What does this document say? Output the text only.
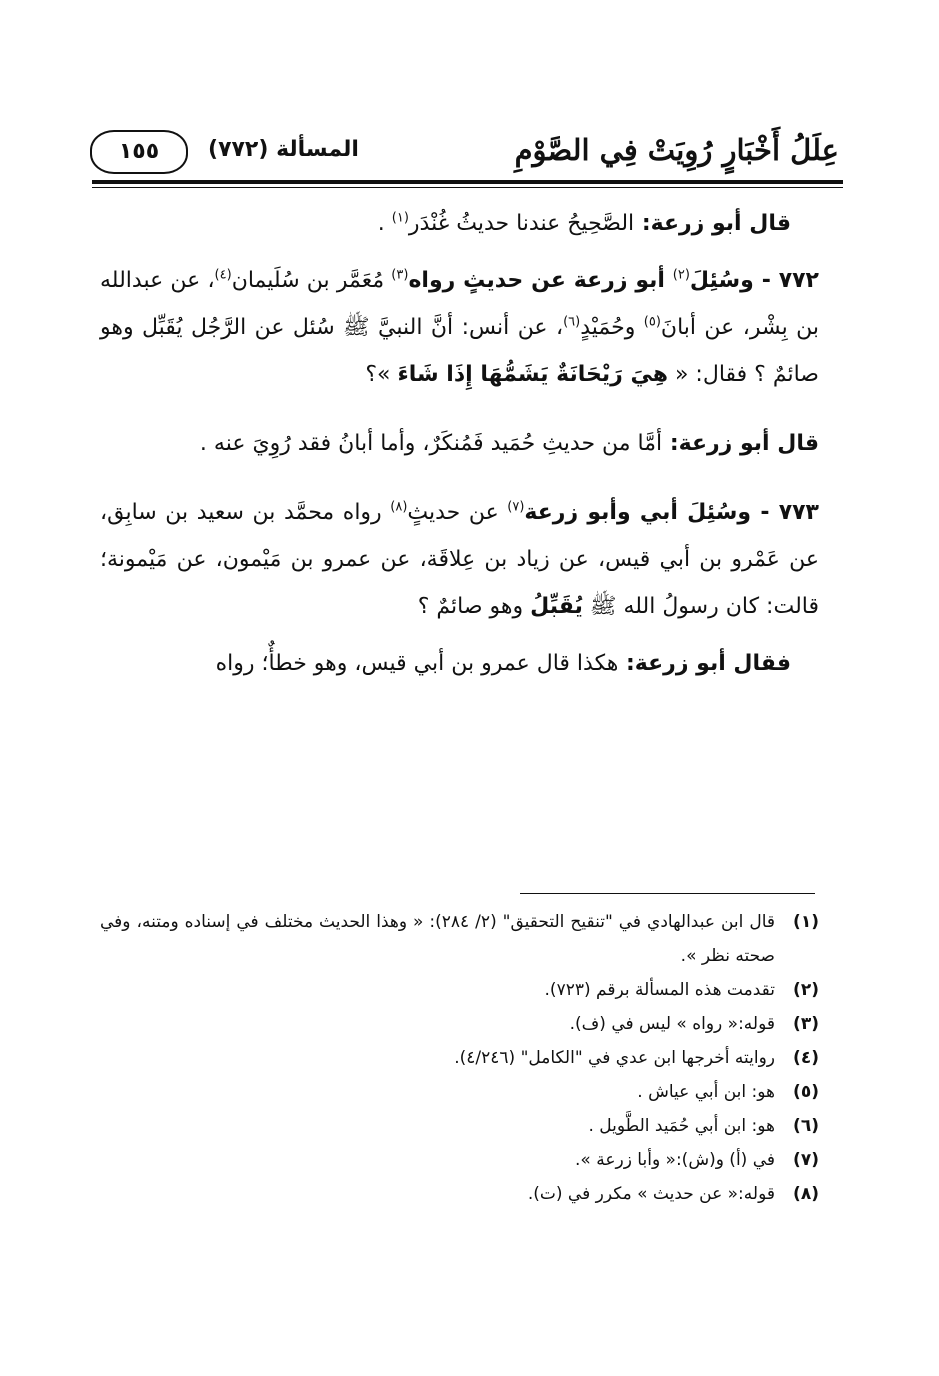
عِلَلُ أَخْبَارٍ رُوِيَتْ فِي الصَّوْمِ
المسألة (٧٧٢)
١٥٥

قال أبو زرعة: الصَّحِيحُ عندنا حديثُ غُنْدَر$^{(١)}$ .

٧٧٢ - وسُئِلَ$^{(٢)}$ أبو زرعة عن حديثٍ رواه$^{(٣)}$ مُعَمَّر بن سُلَيمان$^{(٤)}$، عن عبدالله بن بِشْر، عن أبانَ$^{(٥)}$ وحُمَيْدٍ$^{(٦)}$، عن أنس: أنَّ النبيَّ ﷺ سُئل عن الرَّجُل يُقَبِّل وهو صائمٌ ؟ فقال: « هِيَ رَيْحَانَةٌ يَشَمُّهَا إِذَا شَاءَ »؟

قال أبو زرعة: أمَّا من حديثِ حُمَيد فَمُنكَرٌ، وأما أبانُ فقد رُوِيَ عنه .

٧٧٣ - وسُئِلَ أبي وأبو زرعة$^{(٧)}$ عن حديثٍ$^{(٨)}$ رواه محمَّد بن سعيد بن سابِق، عن عَمْرو بن أبي قيس، عن زياد بن عِلاقَة، عن عمرو بن مَيْمون، عن مَيْمونة؛ قالت: كان رسولُ الله ﷺ يُقَبِّلُ وهو صائمٌ ؟

فقال أبو زرعة: هكذا قال عمرو بن أبي قيس، وهو خطأٌ؛ رواه

(١)
قال ابن عبدالهادي في "تنقيح التحقيق" (٢/ ٢٨٤): « وهذا الحديث مختلف في إسناده ومتنه، وفي صحته نظر ».
(٢)
تقدمت هذه المسألة برقم (٧٢٣).
(٣)
قوله:« رواه » ليس في (ف).
(٤)
روايته أخرجها ابن عدي في "الكامل" (٤/٢٤٦).
(٥)
هو: ابن أبي عياش .
(٦)
هو: ابن أبي حُمَيد الطَّويل .
(٧)
في (أ) و(ش):« وأبا زرعة ».
(٨)
قوله:« عن حديث » مكرر في (ت).
